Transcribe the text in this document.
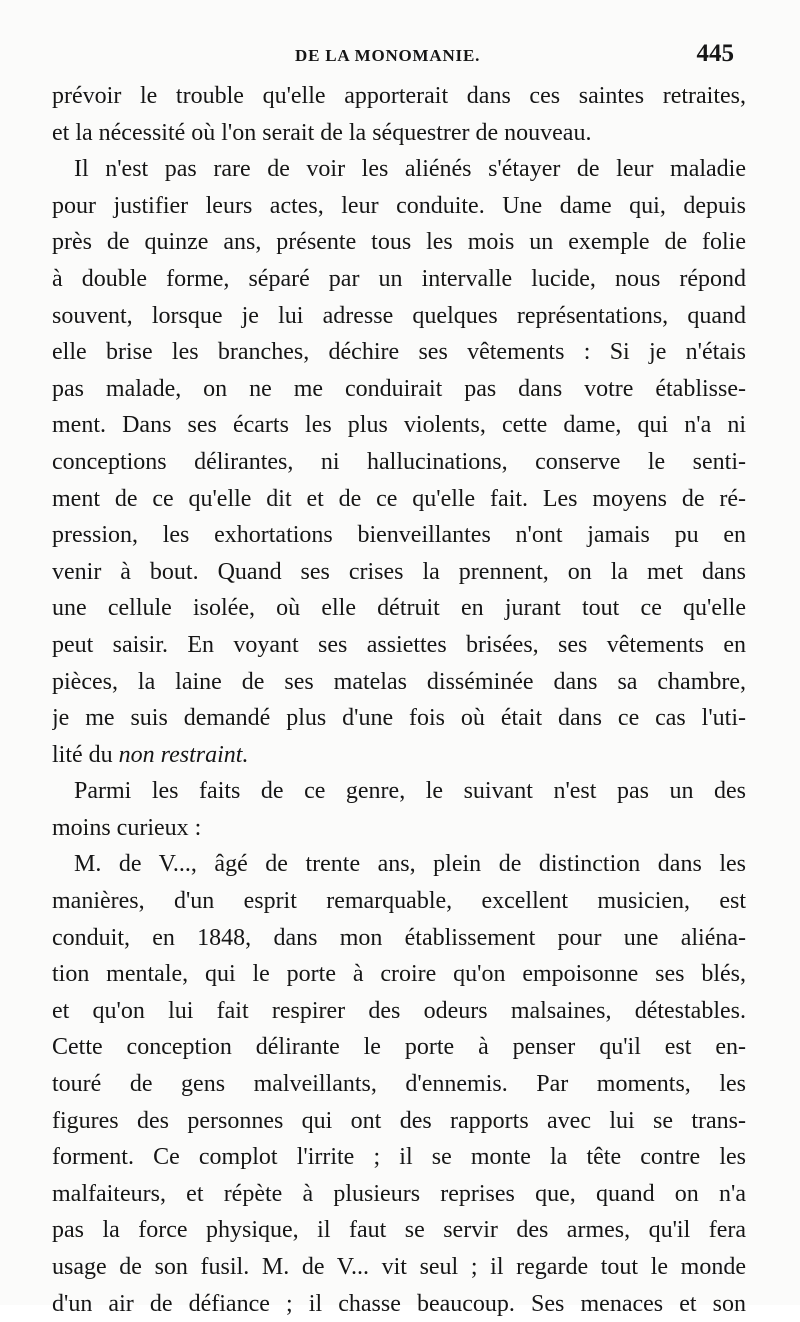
DE LA MONOMANIE.	445
prévoir le trouble qu'elle apporterait dans ces saintes retraites,
et la nécessité où l'on serait de la séquestrer de nouveau.
Il n'est pas rare de voir les aliénés s'étayer de leur maladie
pour justifier leurs actes, leur conduite. Une dame qui, depuis
près de quinze ans, présente tous les mois un exemple de folie
à double forme, séparé par un intervalle lucide, nous répond
souvent, lorsque je lui adresse quelques représentations, quand
elle brise les branches, déchire ses vêtements : Si je n'étais
pas malade, on ne me conduirait pas dans votre établisse-
ment. Dans ses écarts les plus violents, cette dame, qui n'a ni
conceptions délirantes, ni hallucinations, conserve le senti-
ment de ce qu'elle dit et de ce qu'elle fait. Les moyens de ré-
pression, les exhortations bienveillantes n'ont jamais pu en
venir à bout. Quand ses crises la prennent, on la met dans
une cellule isolée, où elle détruit en jurant tout ce qu'elle
peut saisir. En voyant ses assiettes brisées, ses vêtements en
pièces, la laine de ses matelas disséminée dans sa chambre,
je me suis demandé plus d'une fois où était dans ce cas l'uti-
lité du non restraint.
Parmi les faits de ce genre, le suivant n'est pas un des
moins curieux :
M. de V..., âgé de trente ans, plein de distinction dans les
manières, d'un esprit remarquable, excellent musicien, est
conduit, en 1848, dans mon établissement pour une aliéna-
tion mentale, qui le porte à croire qu'on empoisonne ses blés,
et qu'on lui fait respirer des odeurs malsaines, détestables.
Cette conception délirante le porte à penser qu'il est en-
touré de gens malveillants, d'ennemis. Par moments, les
figures des personnes qui ont des rapports avec lui se trans-
forment. Ce complot l'irrite ; il se monte la tête contre les
malfaiteurs, et répète à plusieurs reprises que, quand on n'a
pas la force physique, il faut se servir des armes, qu'il fera
usage de son fusil. M. de V... vit seul ; il regarde tout le monde
d'un air de défiance ; il chasse beaucoup. Ses menaces et son
